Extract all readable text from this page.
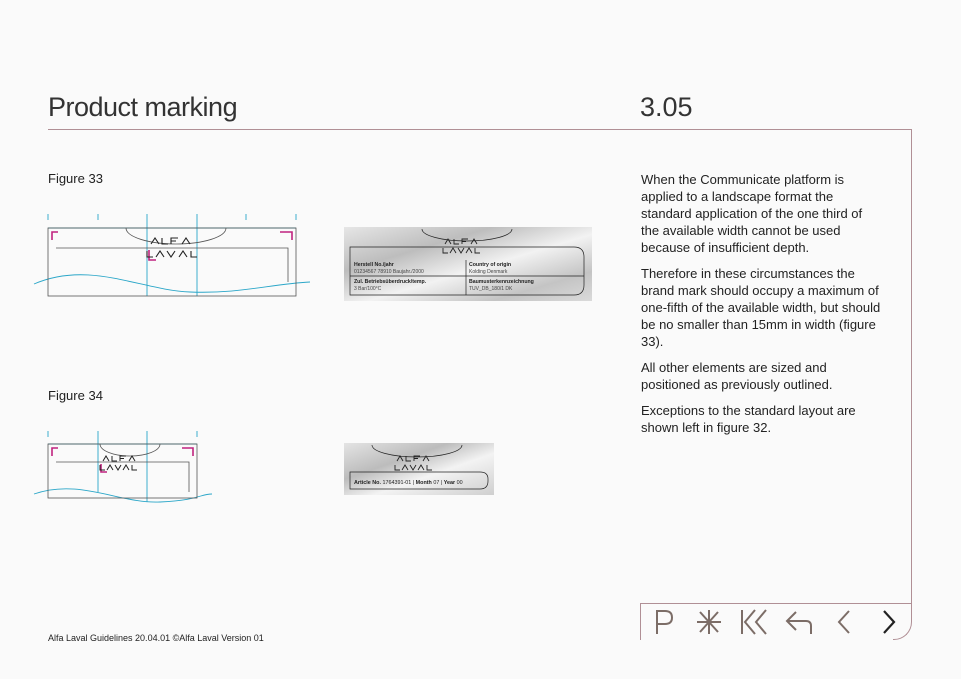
Product marking	3.05
Figure 33
Figure 34
Herstell No./jahr
01234567 78910 Baujahr./2000
Country of origin
Kolding Denmark
Zul. Betriebsüberdruck/temp.
3 Bar/100°C
Baumusterkennzeichnung
TUV_DB_180/1 DK
Article No. 1764391-01 | Month 07 | Year 00

When the Communicate platform is applied to a landscape format the standard application of the one third of the available width cannot be used because of insufficient depth.

Therefore in these circumstances the brand mark should occupy a maximum of one-fifth of the available width, but should be no smaller than 15mm in width (figure 33).

All other elements are sized and positioned as previously outlined.

Exceptions to the standard layout are shown left in figure 32.

Alfa Laval Guidelines 20.04.01 ©Alfa Laval Version 01
